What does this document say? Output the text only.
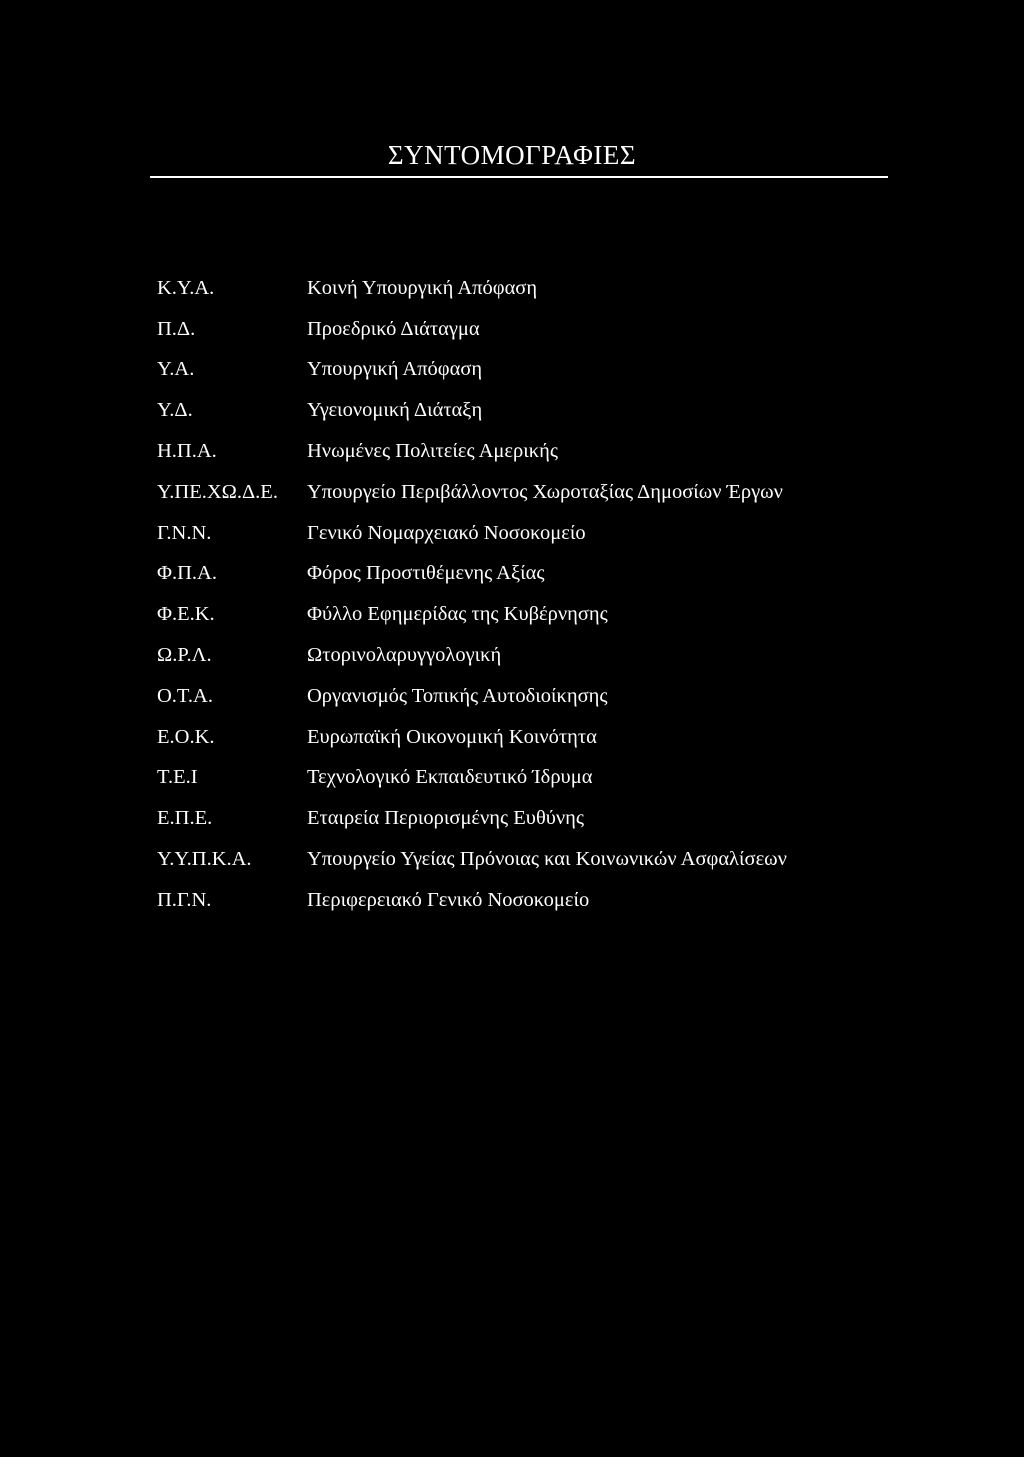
ΣΥΝΤΟΜΟΓΡΑΦΙΕΣ
Κ.Υ.Α.	Κοινή Υπουργική Απόφαση
Π.Δ.	Προεδρικό Διάταγμα
Υ.Α.	Υπουργική Απόφαση
Υ.Δ.	Υγειονομική Διάταξη
Η.Π.Α.	Ηνωμένες Πολιτείες Αμερικής
Υ.ΠΕ.ΧΩ.Δ.Ε.	Υπουργείο Περιβάλλοντος Χωροταξίας Δημοσίων Έργων
Γ.Ν.Ν.	Γενικό Νομαρχειακό Νοσοκομείο
Φ.Π.Α.	Φόρος Προστιθέμενης Αξίας
Φ.Ε.Κ.	Φύλλο Εφημερίδας της Κυβέρνησης
Ω.Ρ.Λ.	Ωτορινολαρυγγολογική
Ο.Τ.Α.	Οργανισμός Τοπικής Αυτοδιοίκησης
Ε.Ο.Κ.	Ευρωπαϊκή Οικονομική Κοινότητα
Τ.Ε.Ι	Τεχνολογικό Εκπαιδευτικό Ίδρυμα
Ε.Π.Ε.	Εταιρεία Περιορισμένης Ευθύνης
Υ.Υ.Π.Κ.Α.	Υπουργείο Υγείας Πρόνοιας και Κοινωνικών Ασφαλίσεων
Π.Γ.Ν.	Περιφερειακό Γενικό Νοσοκομείο
